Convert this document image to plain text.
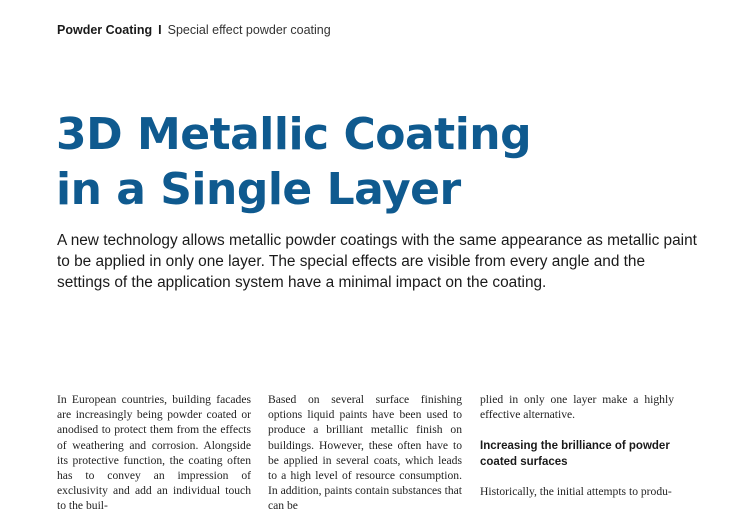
Powder Coating I Special effect powder coating
3D Metallic Coating
in a Single Layer

A new technology allows metallic powder coatings with the same appearance as metallic paint to be applied in only one layer. The special effects are visible from every angle and the settings of the application system have a minimal impact on the coating.

In European countries, building facades are increasingly being powder coated or anodised to protect them from the effects of weathering and corrosion. Alongside its protective function, the coating often has to convey an impression of exclusivity and add an individual touch to the buil-

Based on several surface finishing options liquid paints have been used to produce a brilliant metallic finish on buildings. However, these often have to be applied in several coats, which leads to a high level of resource consumption. In addition, paints contain substances that can be

plied in only one layer make a highly effective alternative.

Increasing the brilliance of powder coated surfaces

Historically, the initial attempts to produ-
